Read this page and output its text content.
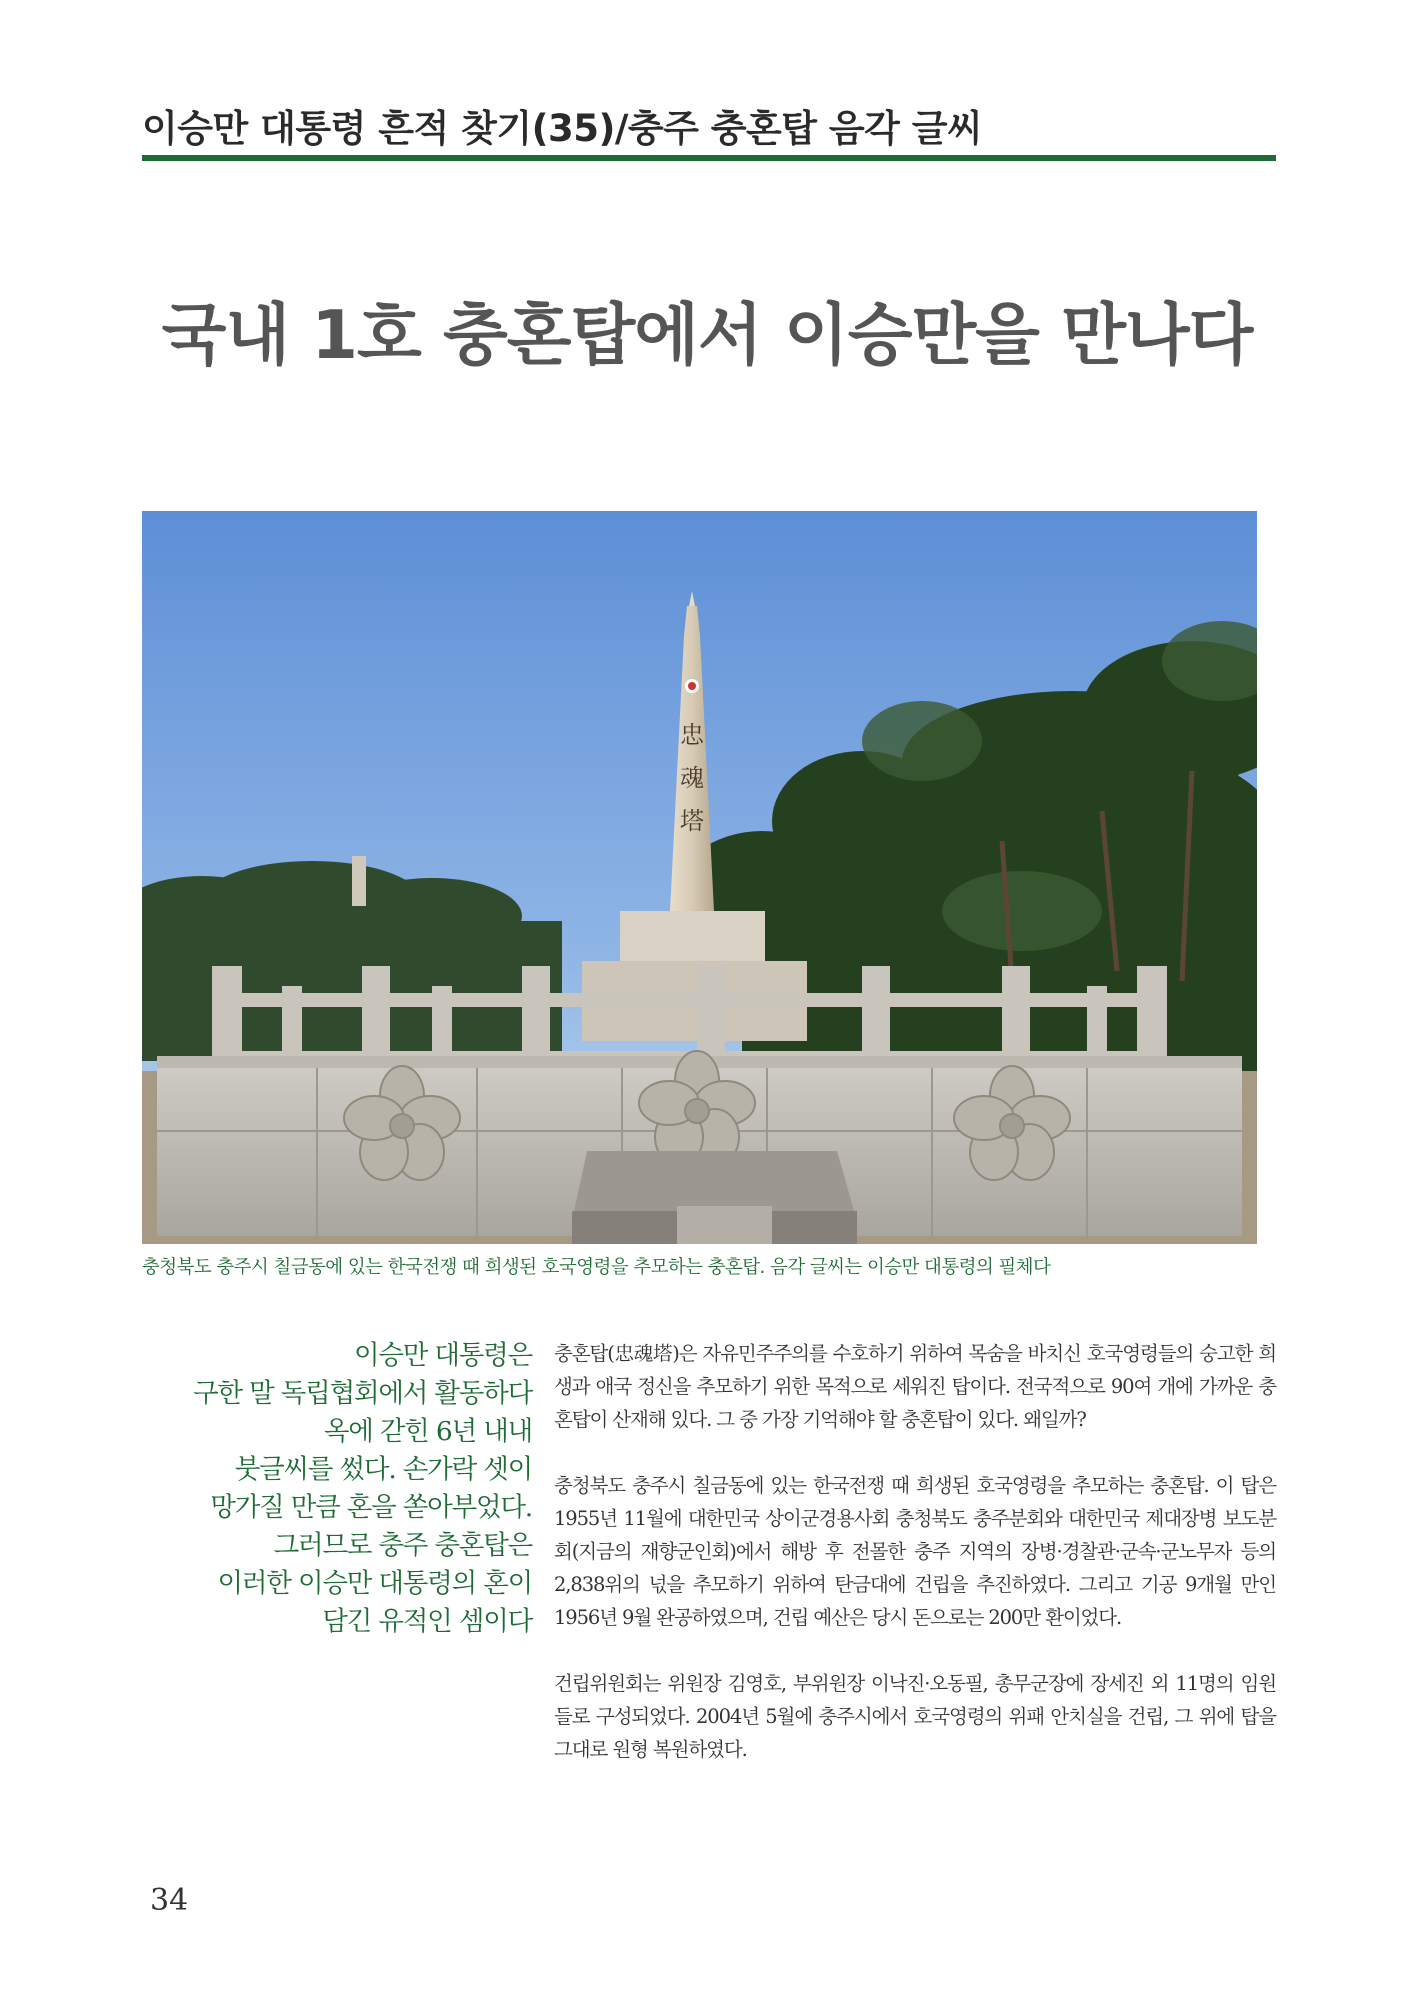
이승만 대통령 흔적 찾기(35)/충주 충혼탑 음각 글씨
국내 1호 충혼탑에서 이승만을 만나다
忠
魂
塔
충청북도 충주시 칠금동에 있는 한국전쟁 때 희생된 호국영령을 추모하는 충혼탑. 음각 글씨는 이승만 대통령의 필체다
이승만 대통령은
구한 말 독립협회에서 활동하다
옥에 갇힌 6년 내내
붓글씨를 썼다. 손가락 셋이
망가질 만큼 혼을 쏟아부었다.
그러므로 충주 충혼탑은
이러한 이승만 대통령의 혼이
담긴 유적인 셈이다

충혼탑(忠魂塔)은 자유민주주의를 수호하기 위하여 목숨을 바치신 호국영령들의 숭고한 희생과 애국 정신을 추모하기 위한 목적으로 세워진 탑이다. 전국적으로 90여 개에 가까운 충혼탑이 산재해 있다. 그 중 가장 기억해야 할 충혼탑이 있다. 왜일까?

충청북도 충주시 칠금동에 있는 한국전쟁 때 희생된 호국영령을 추모하는 충혼탑. 이 탑은 1955년 11월에 대한민국 상이군경용사회 충청북도 충주분회와 대한민국 제대장병 보도분회(지금의 재향군인회)에서 해방 후 전몰한 충주 지역의 장병·경찰관·군속·군노무자 등의 2,838위의 넋을 추모하기 위하여 탄금대에 건립을 추진하였다. 그리고 기공 9개월 만인 1956년 9월 완공하였으며, 건립 예산은 당시 돈으로는 200만 환이었다.

건립위원회는 위원장 김영호, 부위원장 이낙진·오동필, 총무군장에 장세진 외 11명의 임원들로 구성되었다. 2004년 5월에 충주시에서 호국영령의 위패 안치실을 건립, 그 위에 탑을 그대로 원형 복원하였다.

34
